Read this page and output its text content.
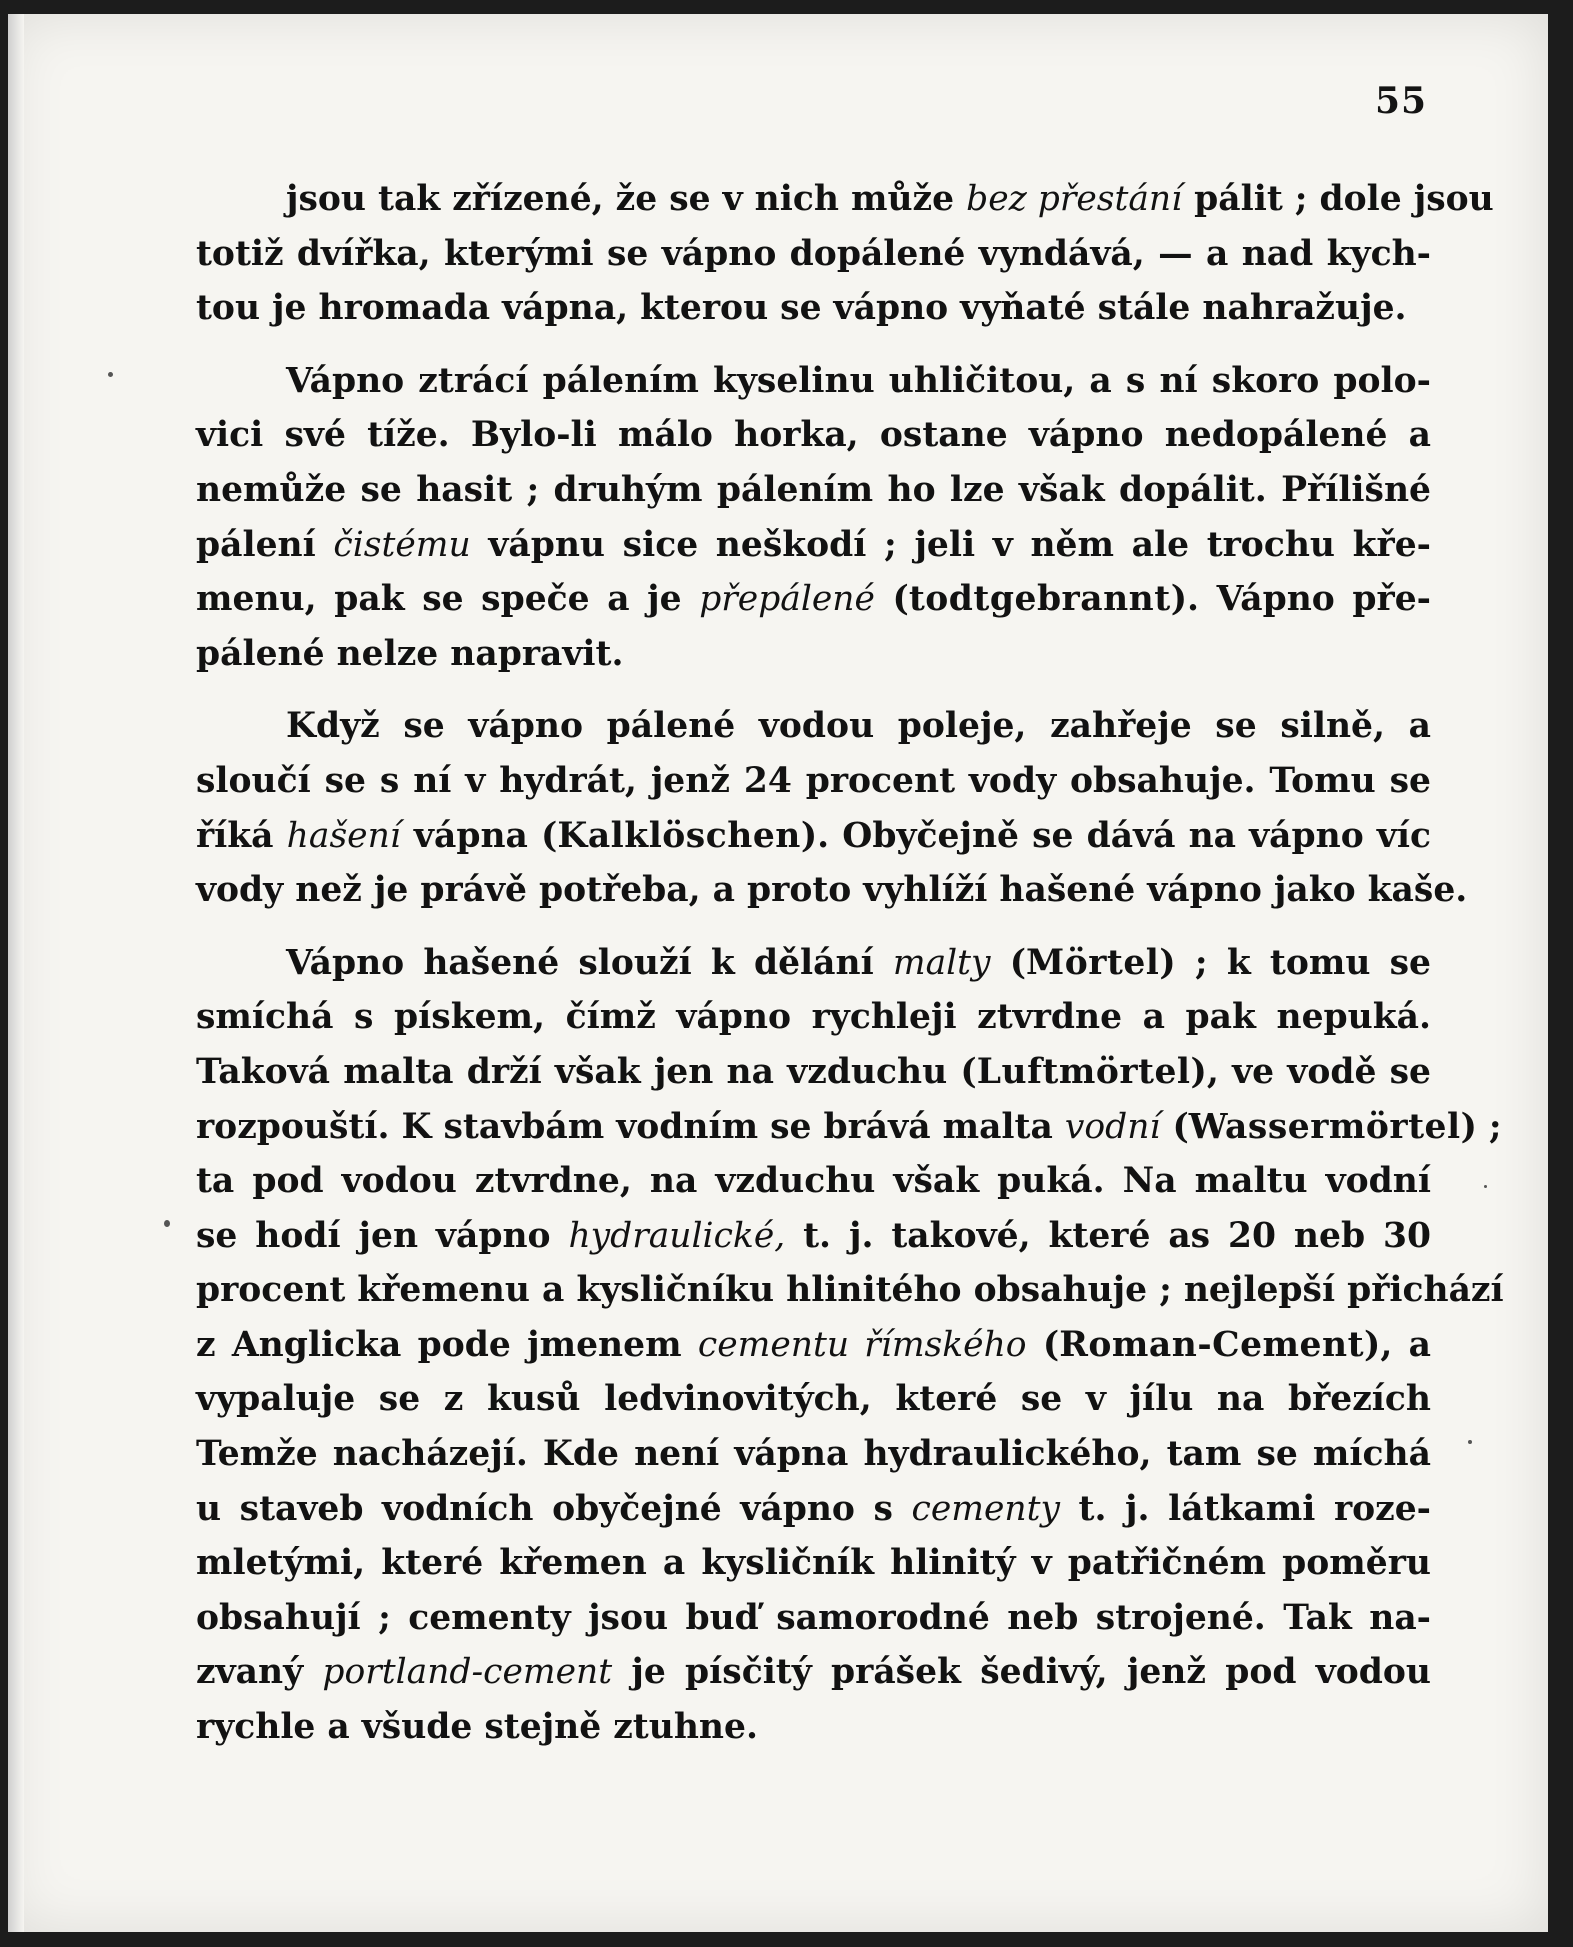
55
jsou tak zřízené, že se v nich může bez přestání pálit ; dole jsou
totiž dvířka, kterými se vápno dopálené vyndává, — a nad kych-
tou je hromada vápna, kterou se vápno vyňaté stále nahražuje.
Vápno ztrácí pálením kyselinu uhličitou, a s ní skoro polo-
vici své tíže. Bylo-li málo horka, ostane vápno nedopálené a
nemůže se hasit ; druhým pálením ho lze však dopálit. Přílišné
pálení čistému vápnu sice neškodí ; jeli v něm ale trochu kře-
menu, pak se speče a je přepálené (todtgebrannt). Vápno pře-
pálené nelze napravit.
Když se vápno pálené vodou poleje, zahřeje se silně, a
sloučí se s ní v hydrát, jenž 24 procent vody obsahuje. Tomu se
říká hašení vápna (Kalklöschen). Obyčejně se dává na vápno víc
vody než je právě potřeba, a proto vyhlíží hašené vápno jako kaše.
Vápno hašené slouží k dělání malty (Mörtel) ; k tomu se
smíchá s pískem, čímž vápno rychleji ztvrdne a pak nepuká.
Taková malta drží však jen na vzduchu (Luftmörtel), ve vodě se
rozpouští. K stavbám vodním se brává malta vodní (Wassermörtel) ;
ta pod vodou ztvrdne, na vzduchu však puká. Na maltu vodní
se hodí jen vápno hydraulické, t. j. takové, které as 20 neb 30
procent křemenu a kysličníku hlinitého obsahuje ; nejlepší přichází
z Anglicka pode jmenem cementu římského (Roman-Cement), a
vypaluje se z kusů ledvinovitých, které se v jílu na březích
Temže nacházejí. Kde není vápna hydraulického, tam se míchá
u staveb vodních obyčejné vápno s cementy t. j. látkami roze-
mletými, které křemen a kysličník hlinitý v patřičném poměru
obsahují ; cementy jsou buď samorodné neb strojené. Tak na-
zvaný portland-cement je písčitý prášek šedivý, jenž pod vodou
rychle a všude stejně ztuhne.
